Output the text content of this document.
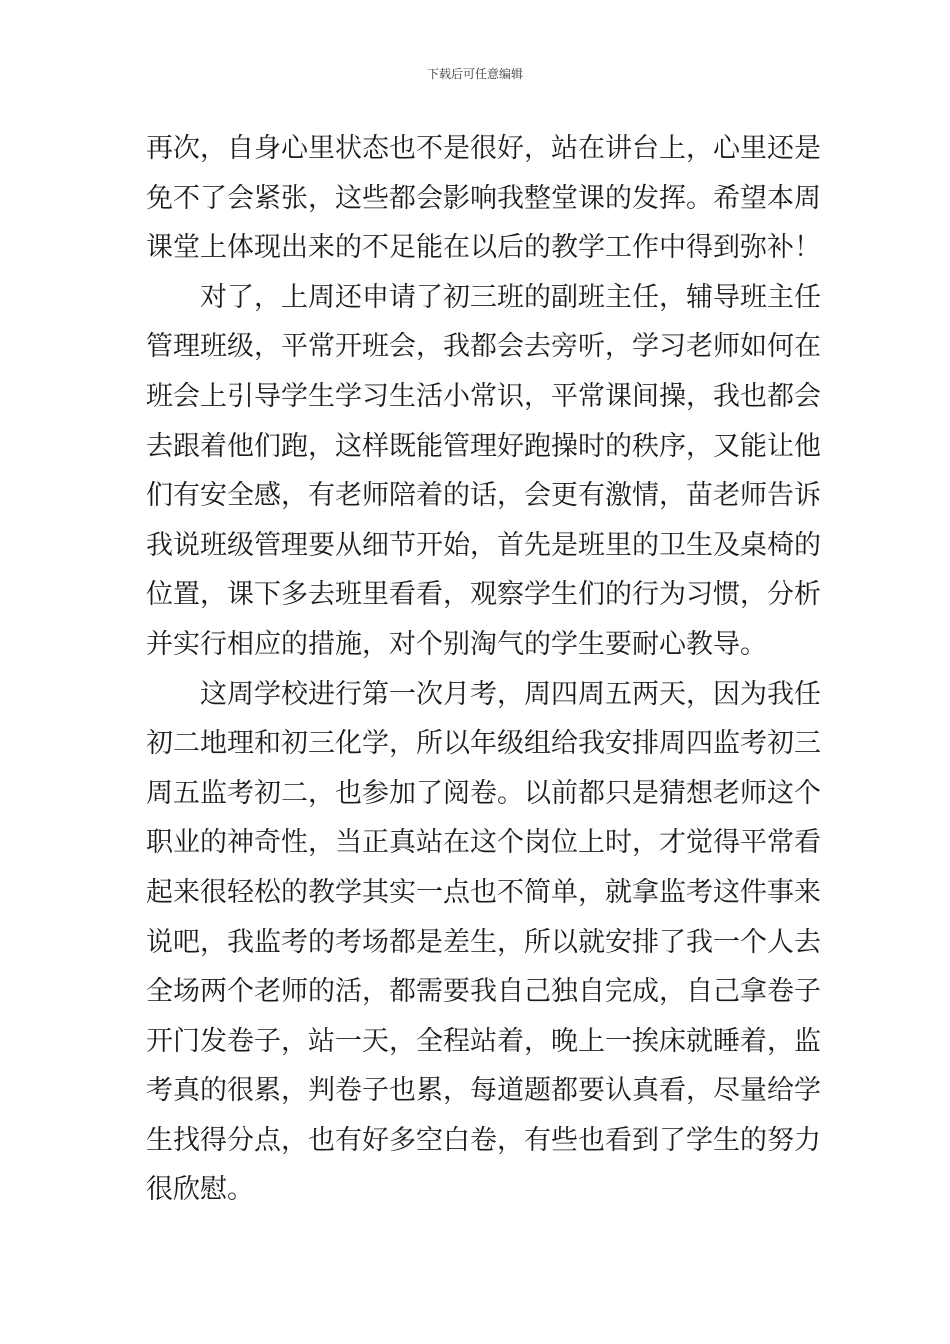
下载后可任意编辑
再次，自身心里状态也不是很好，站在讲台上，心里还是
免不了会紧张，这些都会影响我整堂课的发挥。希望本周
课堂上体现出来的不足能在以后的教学工作中得到弥补！
对了，上周还申请了初三班的副班主任，辅导班主任
管理班级，平常开班会，我都会去旁听，学习老师如何在
班会上引导学生学习生活小常识，平常课间操，我也都会
去跟着他们跑，这样既能管理好跑操时的秩序，又能让他
们有安全感，有老师陪着的话，会更有激情，苗老师告诉
我说班级管理要从细节开始，首先是班里的卫生及桌椅的
位置，课下多去班里看看，观察学生们的行为习惯，分析
并实行相应的措施，对个别淘气的学生要耐心教导。
这周学校进行第一次月考，周四周五两天，因为我任
初二地理和初三化学，所以年级组给我安排周四监考初三
周五监考初二，也参加了阅卷。以前都只是猜想老师这个
职业的神奇性，当正真站在这个岗位上时，才觉得平常看
起来很轻松的教学其实一点也不简单，就拿监考这件事来
说吧，我监考的考场都是差生，所以就安排了我一个人去
全场两个老师的活，都需要我自己独自完成，自己拿卷子
开门发卷子，站一天，全程站着，晚上一挨床就睡着，监
考真的很累，判卷子也累，每道题都要认真看，尽量给学
生找得分点，也有好多空白卷，有些也看到了学生的努力
很欣慰。
